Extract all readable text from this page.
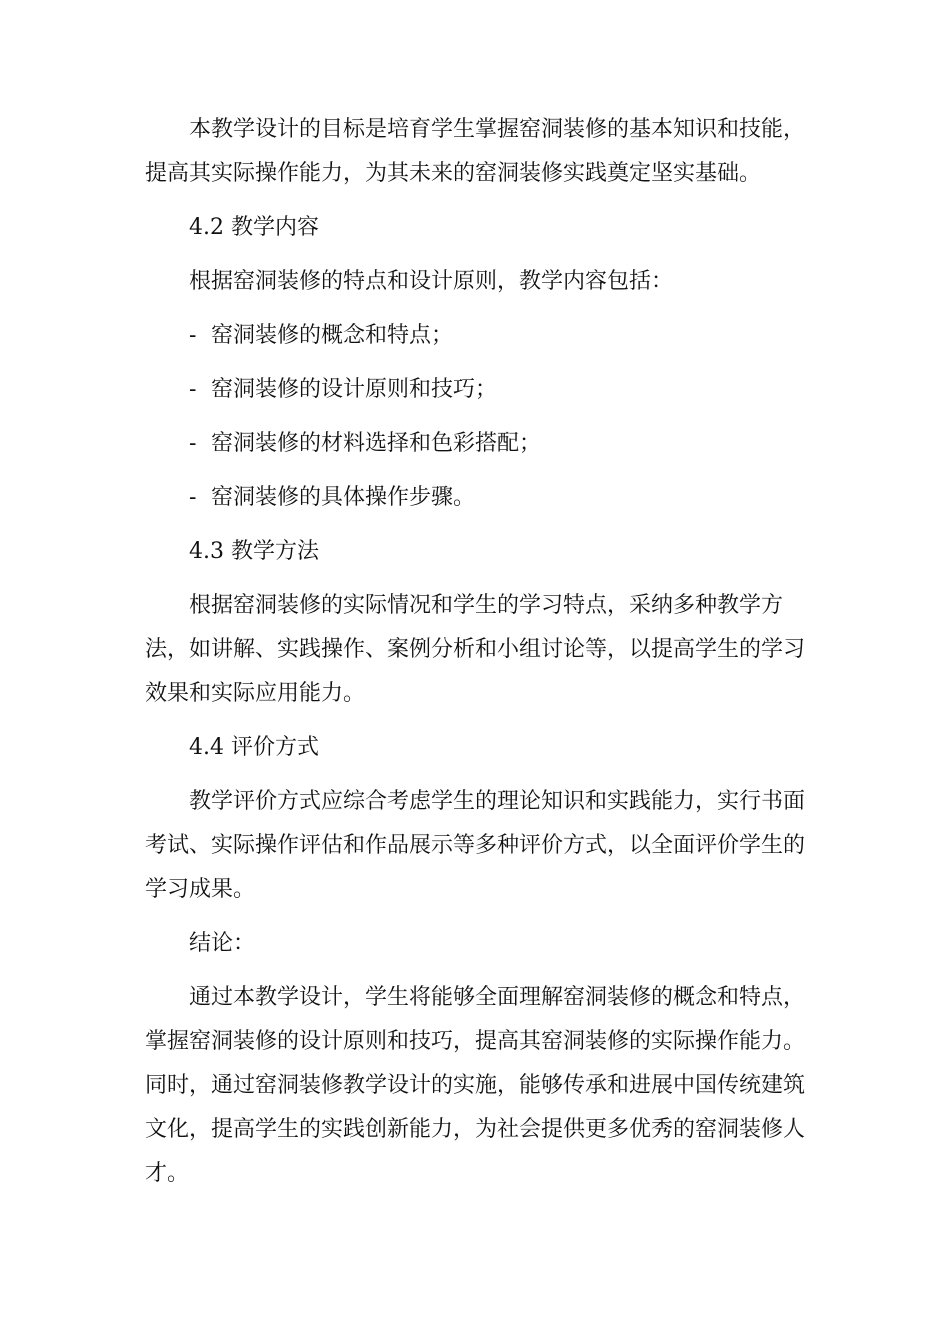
本教学设计的目标是培育学生掌握窑洞装修的基本知识和技能，提高其实际操作能力，为其未来的窑洞装修实践奠定坚实基础。

4.2 教学内容

根据窑洞装修的特点和设计原则，教学内容包括：

- 窑洞装修的概念和特点；
- 窑洞装修的设计原则和技巧；
- 窑洞装修的材料选择和色彩搭配；
- 窑洞装修的具体操作步骤。
4.3 教学方法

根据窑洞装修的实际情况和学生的学习特点，采纳多种教学方法，如讲解、实践操作、案例分析和小组讨论等，以提高学生的学习效果和实际应用能力。

4.4 评价方式

教学评价方式应综合考虑学生的理论知识和实践能力，实行书面考试、实际操作评估和作品展示等多种评价方式，以全面评价学生的学习成果。

结论：

通过本教学设计，学生将能够全面理解窑洞装修的概念和特点，掌握窑洞装修的设计原则和技巧，提高其窑洞装修的实际操作能力。同时，通过窑洞装修教学设计的实施，能够传承和进展中国传统建筑文化，提高学生的实践创新能力，为社会提供更多优秀的窑洞装修人才。
